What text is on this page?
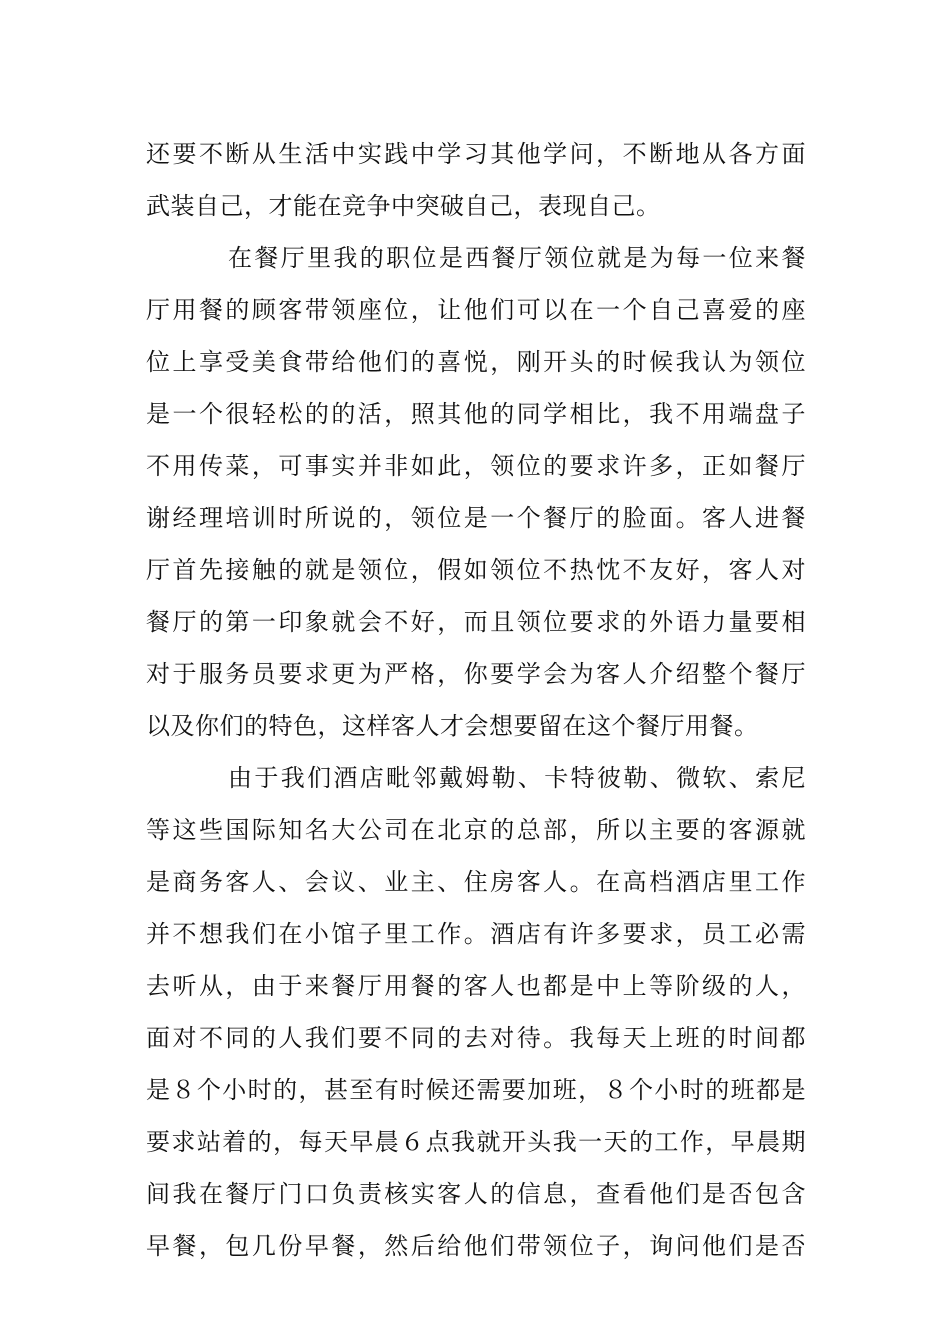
还要不断从生活中实践中学习其他学问，不断地从各方面
武装自己，才能在竞争中突破自己，表现自己。
在餐厅里我的职位是西餐厅领位就是为每一位来餐
厅用餐的顾客带领座位，让他们可以在一个自己喜爱的座
位上享受美食带给他们的喜悦，刚开头的时候我认为领位
是一个很轻松的的活，照其他的同学相比，我不用端盘子
不用传菜，可事实并非如此，领位的要求许多，正如餐厅
谢经理培训时所说的，领位是一个餐厅的脸面。客人进餐
厅首先接触的就是领位，假如领位不热忱不友好，客人对
餐厅的第一印象就会不好，而且领位要求的外语力量要相
对于服务员要求更为严格，你要学会为客人介绍整个餐厅
以及你们的特色，这样客人才会想要留在这个餐厅用餐。
由于我们酒店毗邻戴姆勒、卡特彼勒、微软、索尼
等这些国际知名大公司在北京的总部，所以主要的客源就
是商务客人、会议、业主、住房客人。在高档酒店里工作
并不想我们在小馆子里工作。酒店有许多要求，员工必需
去听从，由于来餐厅用餐的客人也都是中上等阶级的人，
面对不同的人我们要不同的去对待。我每天上班的时间都
是８个小时的，甚至有时候还需要加班，８个小时的班都是
要求站着的，每天早晨６点我就开头我一天的工作，早晨期
间我在餐厅门口负责核实客人的信息，查看他们是否包含
早餐，包几份早餐，然后给他们带领位子，询问他们是否
